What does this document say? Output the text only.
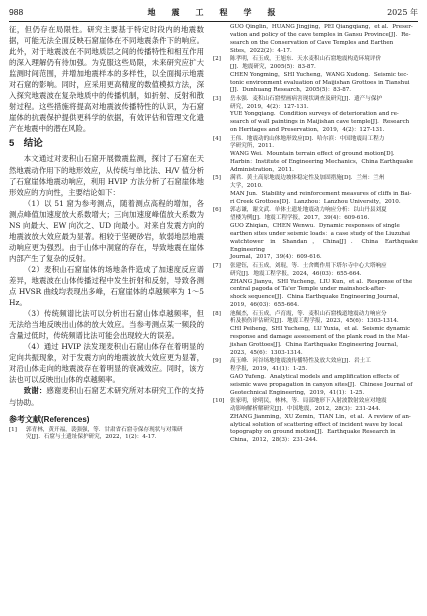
988	地　震　工　程　学　报	2025 年

征，但仍存在局限性。研究主要基于特定时段内的地震数据，可能无法全面反映石窟崖体在不同地震条件下的响应。此外，对于地震波在不同地质层之间的传播特性和相互作用的深入理解仍有待加强。为克服这些局限，未来研究应扩大监测时间范围，并增加地震样本的多样性，以全面揭示地震对石窟的影响。同时，应采用更高精度的数值模拟方法，深入探究地震波在复杂地质中的传播机制，如折射、反射和散射过程。这些措施将提高对地震波传播特性的认识，为石窟崖体的抗震保护提供更科学的依据，有效评估和管理文化遗产在地震中的潜在风险。

5　结论

本文通过对麦积山石窟开展微震监测，探讨了石窟在天然地震动作用下的地形效应，从传统与单比法、H/V 值分析了石窟崖体地震动响应，利用 HVIP 方法分析了石窟崖体地形效应的方向性，主要结论如下：

（1）以 51 窟为参考测点，随着测点高程的增加，各测点峰值加速度放大系数增大；三向加速度峰值放大系数为 NS 向最大、EW 向次之、UD 向最小。对来自发震方向的地震波放大效应最为显著。相较于坚硬砂岩，软弱地层地震动响应更为强烈。由于山体中洞窟的存在，导致地震在崖体内部产生了复杂的反射。

（2）麦积山石窟崖体的场地条件造成了加速度反应谱差异，地震波在山体传播过程中发生折射和反射，导致各测点 HVSR 曲线均表现出多峰，石窟崖体的卓越频率为 1～5 Hz。

（3）传统频谱比法可以分析出石窟山体卓越频率，但无法给当地反映出山体的放大效应。当参考测点某一频段的含量过低时，传统频谱比法可能会出现较大的误差。

（4）通过 HVIP 法发现麦积山石窟山体存在着明显的定向共振现象，对于发震方向的地震波放大效应更为显著，对沿山体走向的地震波存在着明显的衰减效应。同时，该方法也可以反映出山体的卓越频率。

致谢：感谢麦积山石窟艺术研究所对本研究工作的支持与协助。

参考文献(References)
[1]	郭青林，黄开福，裴强强，等．甘肃省石窟寺保存现状与对策研
究[J]．石窟与土遗址保护研究，2022，1(2)：4-17．
GUO Qinglin，HUANG Jingjing，PEI Qiangqiang，et al．Preser-
vation and policy of the cave temples in Gansu Province[J]．Re-
search on the Conservation of Cave Temples and Earthen
Sites，2022(2)：4-17.
[2]	陈孝明，石玉成，王旭东．天水麦积山石窟地震构造环境评价
[J]．地震研究，2005(5)：83-87.
CHEN Yongming，SHI Yucheng，WANG Xudong．Seismic tec-
tonic environment evaluation of Maijishan Grottoes in Tianshui
[J]．Dunhuang Research，2005(5)：83-87.
[3]	岳永强．麦积山石窟壁画病害现状调查及研究[J]．遗产与保护
研究，2019，4(2)：127-131.
YUE Yongqiang．Condition surveys of deterioration and re-
search of wall paintings in Maijishan cave temple[J]．Research
on Heritages and Preservation，2019，4(2)：127-131.
[4]	王伟．地震动的山体地形效应[D]．哈尔滨：中国地震局工程力
学研究所，2011.
WANG Wei．Mountain terrain effect of ground motion[D]．
Harbin：Institute of Engineering Mechanics，China Earthquake
Administration，2011.
[5]	满君．黄土高原地震边坡体稳定性及加固措施[D]．兰州：兰州
大学，2010.
MAN Jun．Stability and reinforcement measures of cliffs in Bai-
ri Creek Grottoes[D]．Lanzhou：Lanzhou University，2010.
[6]	郭志谦，谢文武．单体土遗址地震动力响应分析：以山丹县刘夏
望楼为例[J]．地震工程学报，2017，39(4)：609-616.
GUO Zhiqian，CHEN Wenwu．Dynamic responses of single
earthen sites under seismic loads：a case study of the Liuzuhai
watchtower in Shandan，China[J]．China Earthquake Engineering
Journal，2017，39(4)：609-616.
[7]	张建钰，石玉成，刘琨，等．土舍鹰作用下塔尔寺中心大塔响应
研究[J]．地震工程学报，2024，46(03)：655-664.
ZHANG Jianyu，SHI Yucheng，LIU Kun，et al．Response of the
central pagoda of Ta'er Temple under mainshock-after-
shock sequence[J]．China Earthquake Engineering Journal，
2019，46(03)：655-664.
[8]	池佩杰，石玉成，卢育霞，等．麦积山石窟栈道地震动力响应分
析及损伤评估研究[J]．地震工程学报，2023，45(6)：1303-1314.
CHI Peiheng，SHI Yucheng，LU Yuxia，et al．Seismic dynamic
response and damage assessment of the plank road in the Mai-
jishan Grottoes[J]．China Earthquake Engineering Journal，
2023，45(6)：1303-1314.
[9]	高玉峰．河谷场地地震波传播特性及放大效应[J]．岩土工
程学报，2019，41(1)：1-25.
GAO Yufeng．Analytical models and amplification effects of
seismic wave propagation in canyon sites[J]．Chinese Journal of
Geotechnical Engineering，2019，41(1)：1-25.
[10] 张家明，徐明民，林林，等．局部地形下入射波散射效应对地震
动影响解析解研究[J]．中国地震，2012，28(3)：231-244.
ZHANG Jianming，XU Zemin，TIAN Lin，et al．A review of an-
alytical solution of scattering effect of incident wave by local
topography on ground motion[J]．Earthquake Research in
China，2012，28(3)：231-244.
